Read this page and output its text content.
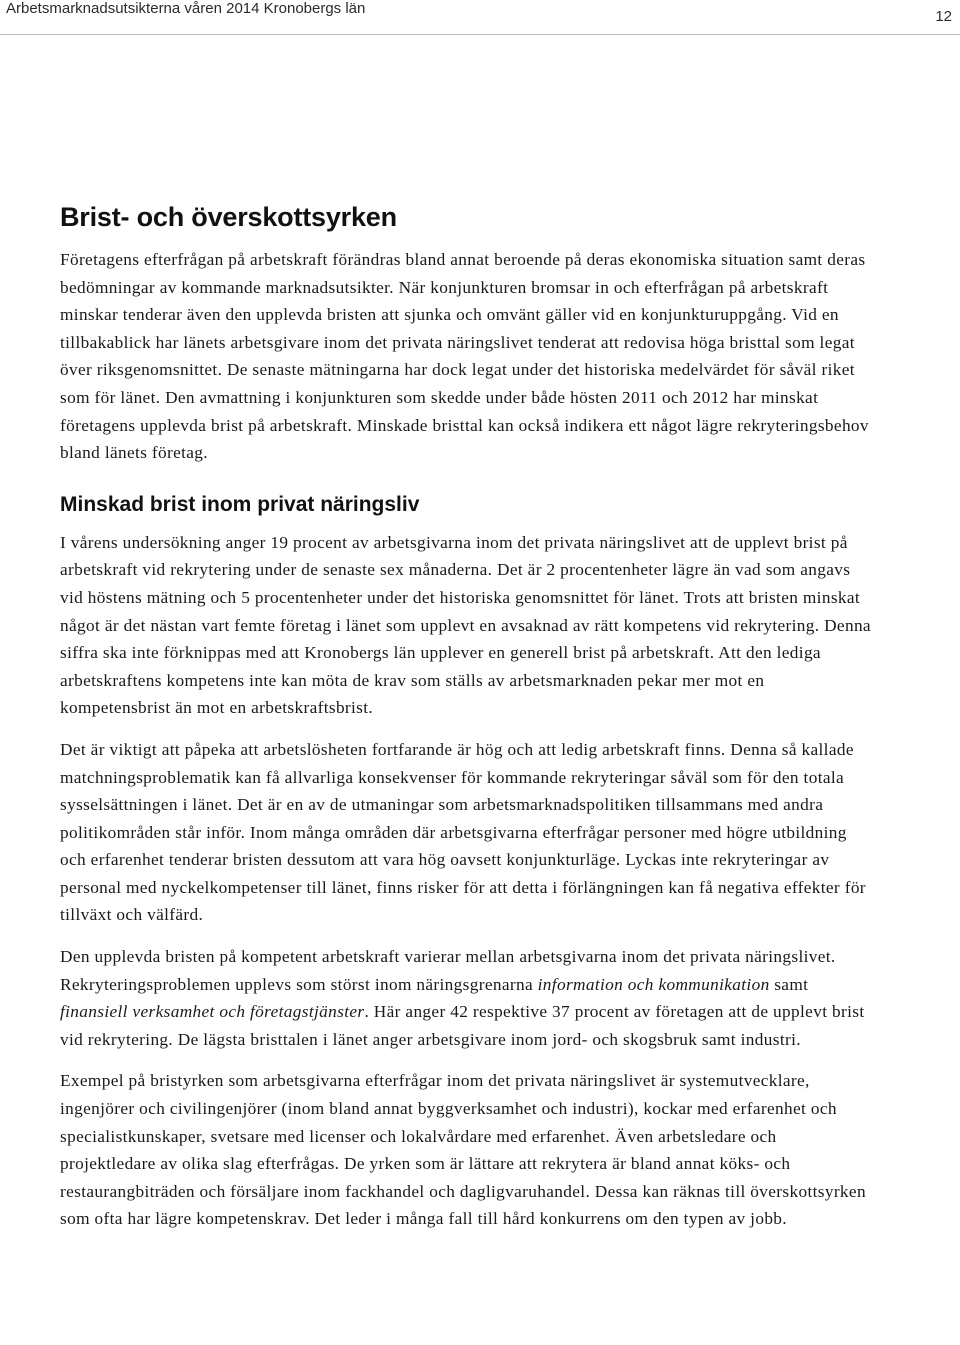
Arbetsmarknadsutsikterna våren 2014 Kronobergs län	12
Brist- och överskottsyrken

Företagens efterfrågan på arbetskraft förändras bland annat beroende på deras ekonomiska situation samt deras bedömningar av kommande marknadsutsikter. När konjunkturen bromsar in och efterfrågan på arbetskraft minskar tenderar även den upplevda bristen att sjunka och omvänt gäller vid en konjunkturuppgång. Vid en tillbakablick har länets arbetsgivare inom det privata näringslivet tenderat att redovisa höga bristtal som legat över riksgenomsnittet. De senaste mätningarna har dock legat under det historiska medelvärdet för såväl riket som för länet. Den avmattning i konjunkturen som skedde under både hösten 2011 och 2012 har minskat företagens upplevda brist på arbetskraft. Minskade bristtal kan också indikera ett något lägre rekryteringsbehov bland länets företag.

Minskad brist inom privat näringsliv

I vårens undersökning anger 19 procent av arbetsgivarna inom det privata näringslivet att de upplevt brist på arbetskraft vid rekrytering under de senaste sex månaderna. Det är 2 procentenheter lägre än vad som angavs vid höstens mätning och 5 procentenheter under det historiska genomsnittet för länet. Trots att bristen minskat något är det nästan vart femte företag i länet som upplevt en avsaknad av rätt kompetens vid rekrytering. Denna siffra ska inte förknippas med att Kronobergs län upplever en generell brist på arbetskraft. Att den lediga arbetskraftens kompetens inte kan möta de krav som ställs av arbetsmarknaden pekar mer mot en kompetensbrist än mot en arbetskraftsbrist.

Det är viktigt att påpeka att arbetslösheten fortfarande är hög och att ledig arbetskraft finns. Denna så kallade matchningsproblematik kan få allvarliga konsekvenser för kommande rekryteringar såväl som för den totala sysselsättningen i länet. Det är en av de utmaningar som arbetsmarknadspolitiken tillsammans med andra politikområden står inför. Inom många områden där arbetsgivarna efterfrågar personer med högre utbildning och erfarenhet tenderar bristen dessutom att vara hög oavsett konjunkturläge. Lyckas inte rekryteringar av personal med nyckelkompetenser till länet, finns risker för att detta i förlängningen kan få negativa effekter för tillväxt och välfärd.

Den upplevda bristen på kompetent arbetskraft varierar mellan arbetsgivarna inom det privata näringslivet. Rekryteringsproblemen upplevs som störst inom näringsgrenarna information och kommunikation samt finansiell verksamhet och företagstjänster. Här anger 42 respektive 37 procent av företagen att de upplevt brist vid rekrytering. De lägsta bristtalen i länet anger arbetsgivare inom jord- och skogsbruk samt industri.

Exempel på bristyrken som arbetsgivarna efterfrågar inom det privata näringslivet är systemutvecklare, ingenjörer och civilingenjörer (inom bland annat byggverksamhet och industri), kockar med erfarenhet och specialistkunskaper, svetsare med licenser och lokalvårdare med erfarenhet. Även arbetsledare och projektledare av olika slag efterfrågas. De yrken som är lättare att rekrytera är bland annat köks- och restaurangbiträden och försäljare inom fackhandel och dagligvaruhandel. Dessa kan räknas till överskottsyrken som ofta har lägre kompetenskrav. Det leder i många fall till hård konkurrens om den typen av jobb.
